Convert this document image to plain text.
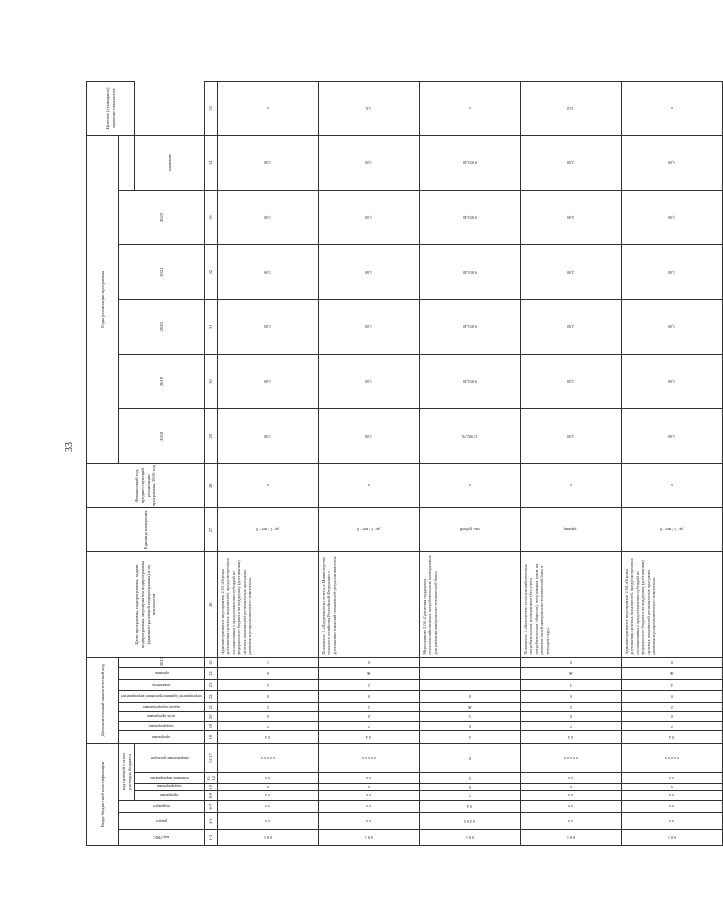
33
Коды бюджетной классификации							Дополнительный аналитический код								Цели программы, подпрограммы, задачи подпрограммы, мероприятия подпрограммы (административной подпрограммы) и их показатели	Единица измерения	Финансовый год, предшествующий реализации программы, 2016 год	Годы реализации программы						Целевое (суммарное) значение показателя

код ГРБС	раздел	подраздел	код целевой статьи расходов бюджета				программа	подпрограмма	цель программы	задача подпрограммы	мероприятие (административное мероприятие)	показатель	признак	2017				2018	2019	2020	2021	2022		

			программа	подпрограмма	основное мероприятие	направление расходов																	значение	
1-3	4-5	6-7	8-9	10	11-12	13-17	18	19	20	21	22	23	24	25	26	27	28	29	30	31	32	33	34	35

0 8 1	x x	x x	x x	x	x x	x x x x x	0 4	7	0	2	0	2	0	1	Административное мероприятие 2.03 «Оценка достижения целевых показателей, предусмотренных соглашениями о предоставлении субсидий из федерального бюджета на поддержку (достижения) целевых показателей региональных программ развития агропромышленного комплекса»	да - 1 / нет - 0	x	1,00	1,00	1,00	1,00	1,00	1,00	x

0 8 1	x x	x x	x x	x	x x	x x x x x	0 4	7	0	2	0	2	Ж	0	Показатель 1 «Представлены отчеты в Министерство сельского хозяйства Российской Федерации о достижении значений показателей результативности»	да - 1 / нет - 0	x	1,00	1,00	1,00	1,00	1,00	1,00	1,0

0 8 1	0 4 0 5	0 4	7	0	2	0	2	0	3	Ж	0				Мероприятие 2.04 «Грантовая поддержка сельскохозяйственных потребительских кооперативов для развития материально-технической базы»	тыс. рублей	x	11 992,70	9 853,40	9 853,40	9 853,40	9 853,40	9 853,40	x

0 8 1	x x	x x	x x	x	x x	x x x x x	0 4	7	0	2	0	3	Ж	0	Показатель 1 «Количество сельскохозяйственных потребительских кооперативов (без учета потребительских обществ), получивших грант на развитие своей материально-технической базы в текущем году»	единиц	x	2,00	2,00	2,00	2,00	2,00	2,00	11,0

0 8 1	x x	x x	x x	x	x x	x x x x x	0 4	7	0	2	0	4	Ж	0	Административное мероприятие 2.04 «Оценка достижения целевых показателей, предусмотренных соглашениями о предоставлении субсидий из федерального бюджета на поддержку (достижения) целевых показателей региональных программ развития агропромышленного комплекса»	да - 1 / нет - 0	x	1,00	1,00	1,00	1,00	1,00	1,00	x
